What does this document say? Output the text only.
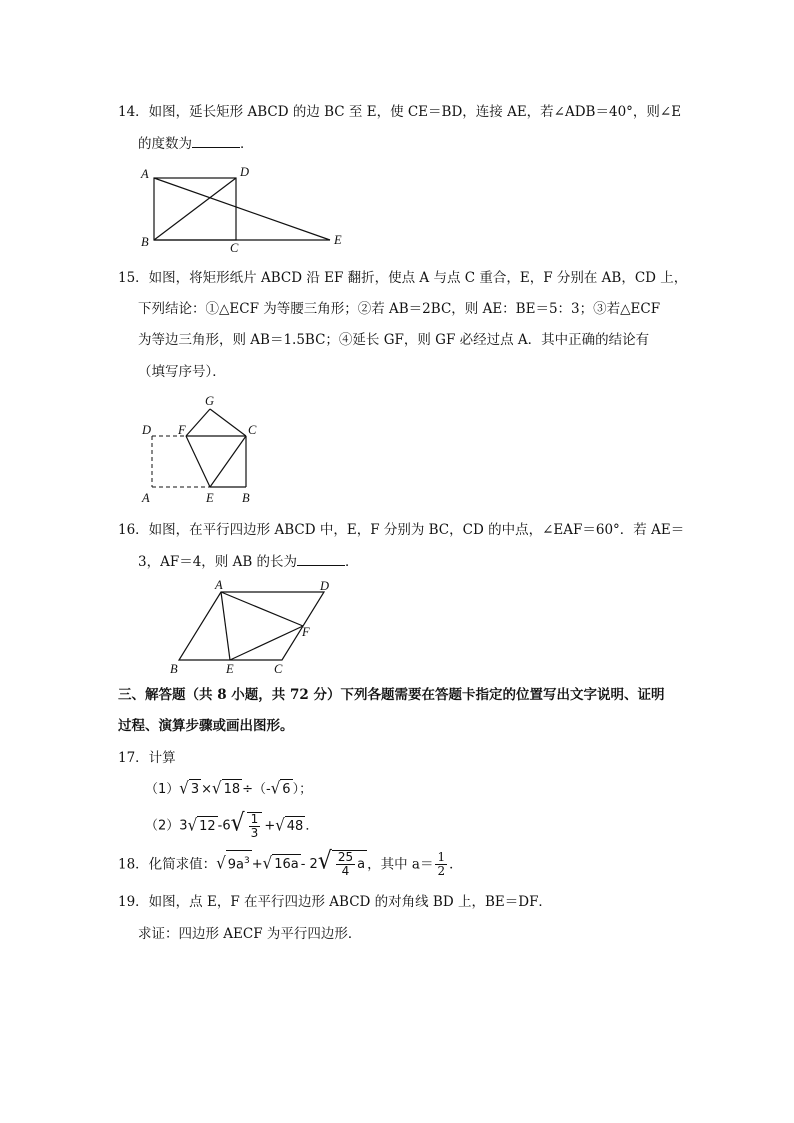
14．如图，延长矩形 ABCD 的边 BC 至 E，使 CE＝BD，连接 AE，若∠ADB＝40°，则∠E
的度数为	．
A	D
B	C
E
15．如图，将矩形纸片 ABCD 沿 EF 翻折，使点 A 与点 C 重合，E，F 分别在 AB，CD 上，
下列结论：①△ECF 为等腰三角形；②若 AB＝2BC，则 AE：BE＝5：3；③若△ECF
为等边三角形，则 AB＝1.5BC；④延长 GF，则 GF 必经过点 A．其中正确的结论有
（填写序号）．
G
D F	C
A	E B
16．如图，在平行四边形 ABCD 中，E，F 分别为 BC，CD 的中点，∠EAF＝60°．若 AE＝
3，AF＝4，则 AB 的长为	．
A	D
F
B	E	C
三、解答题（共 8 小题，共 72 分）下列各题需要在答题卡指定的位置写出文字说明、证明
过程、演算步骤或画出图形。
17．计算
（1）√ 3 ×√ 18 ÷（-√ 6 ）；
（2）3√ 12 $-6√ \frac{1}{3}$ +√ 48 ．
18．化简求值：√ $9a^3$ +√ $16a - 2√ \frac{25}{4}$ a ，其中 $a= \frac{1}{2}$ ．
19．如图，点 E，F 在平行四边形 ABCD 的对角线 BD 上，BE＝DF．
求证：四边形 AECF 为平行四边形．
